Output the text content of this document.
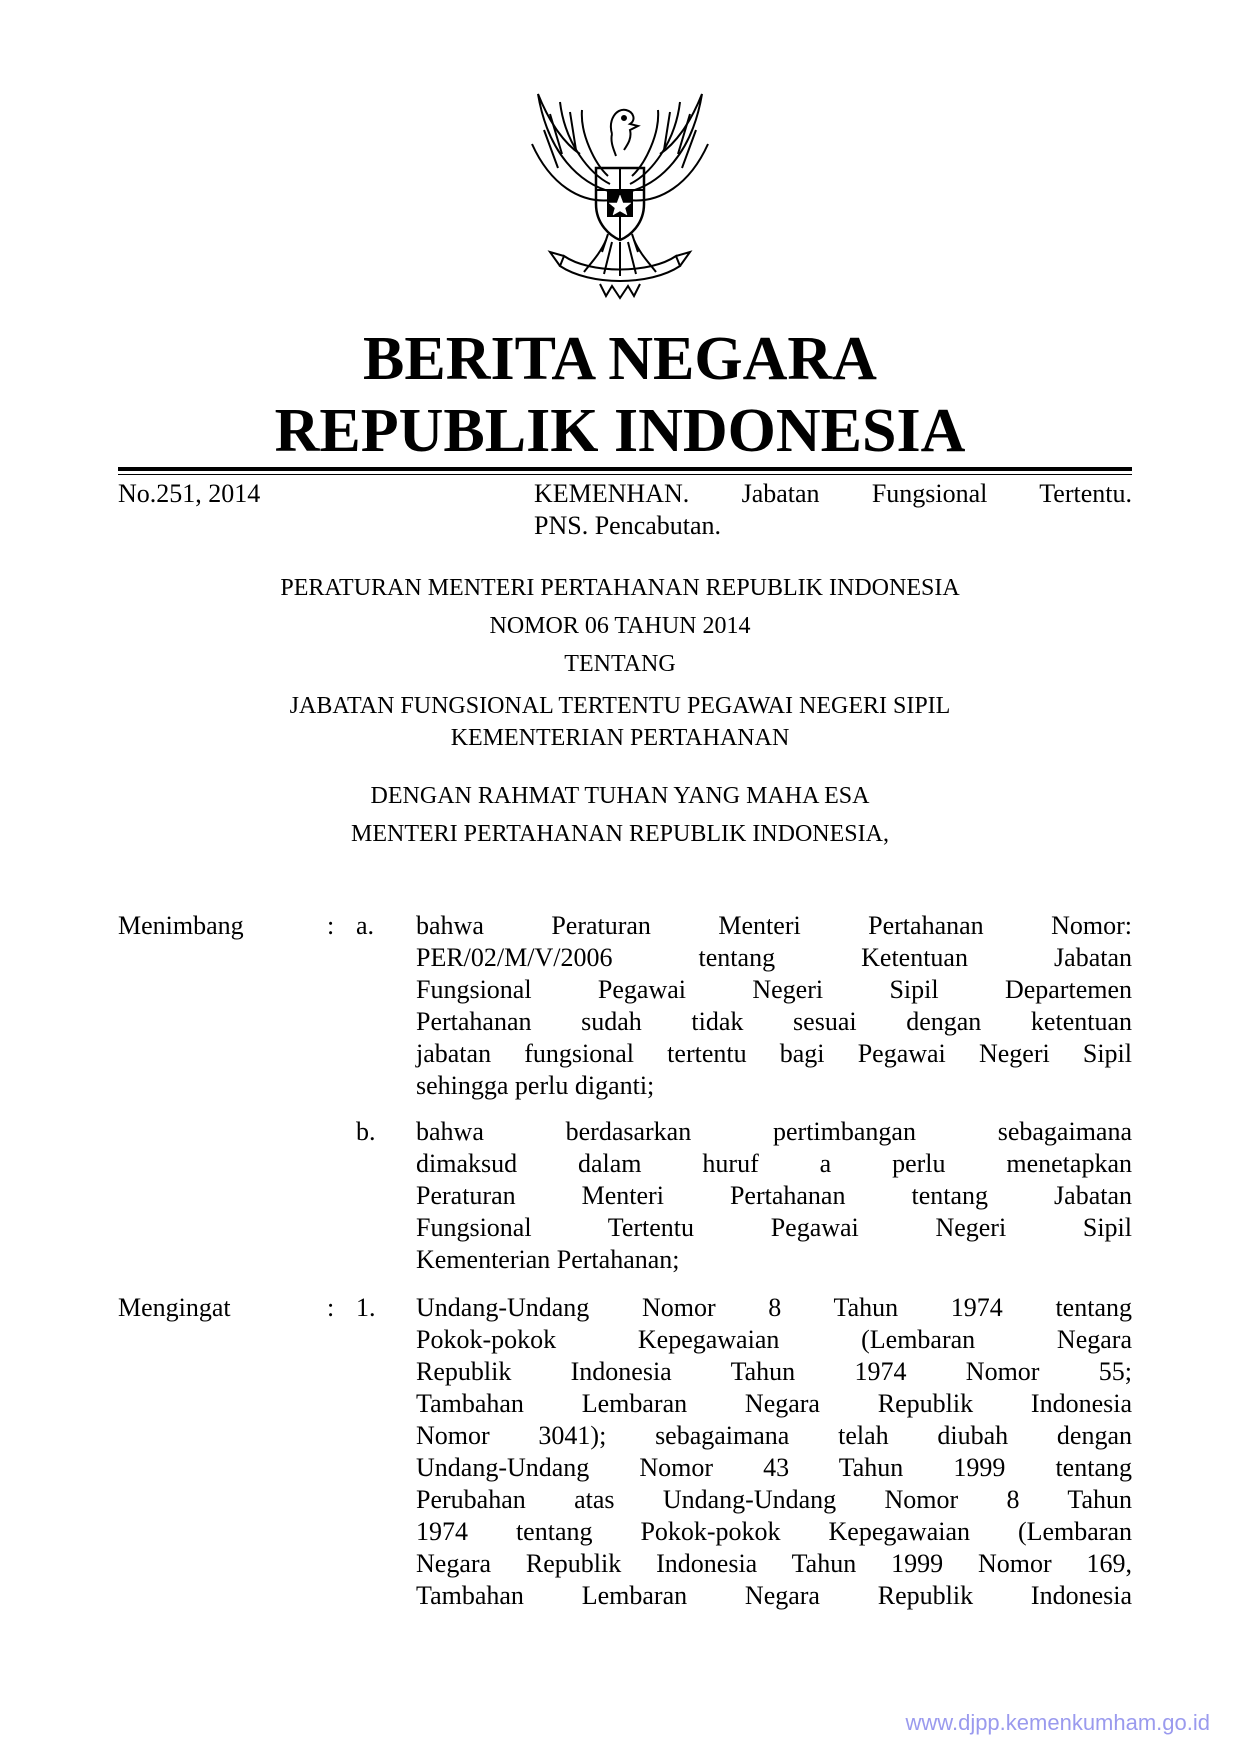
BERITA NEGARA
REPUBLIK INDONESIA
No.251, 2014	KEMENHAN. Jabatan Fungsional Tertentu.
PNS. Pencabutan.
PERATURAN MENTERI PERTAHANAN REPUBLIK INDONESIA
NOMOR 06 TAHUN 2014
TENTANG
JABATAN FUNGSIONAL TERTENTU PEGAWAI NEGERI SIPIL
KEMENTERIAN PERTAHANAN
DENGAN RAHMAT TUHAN YANG MAHA ESA
MENTERI PERTAHANAN REPUBLIK INDONESIA,
Menimbang	: a. bahwa Peraturan Menteri Pertahanan Nomor:
PER/02/M/V/2006 tentang Ketentuan Jabatan
Fungsional Pegawai Negeri Sipil Departemen
Pertahanan sudah tidak sesuai dengan ketentuan
jabatan fungsional tertentu bagi Pegawai Negeri Sipil
sehingga perlu diganti;
b. bahwa berdasarkan pertimbangan sebagaimana
dimaksud dalam huruf a perlu menetapkan
Peraturan Menteri Pertahanan tentang Jabatan
Fungsional Tertentu Pegawai Negeri Sipil
Kementerian Pertahanan;
Mengingat	: 1. Undang-Undang Nomor 8 Tahun 1974 tentang
Pokok-pokok Kepegawaian (Lembaran Negara
Republik Indonesia Tahun 1974 Nomor 55;
Tambahan Lembaran Negara Republik Indonesia
Nomor 3041); sebagaimana telah diubah dengan
Undang-Undang Nomor 43 Tahun 1999 tentang
Perubahan atas Undang-Undang Nomor 8 Tahun
1974 tentang Pokok-pokok Kepegawaian (Lembaran
Negara Republik Indonesia Tahun 1999 Nomor 169,
Tambahan Lembaran Negara Republik Indonesia
www.djpp.kemenkumham.go.id
